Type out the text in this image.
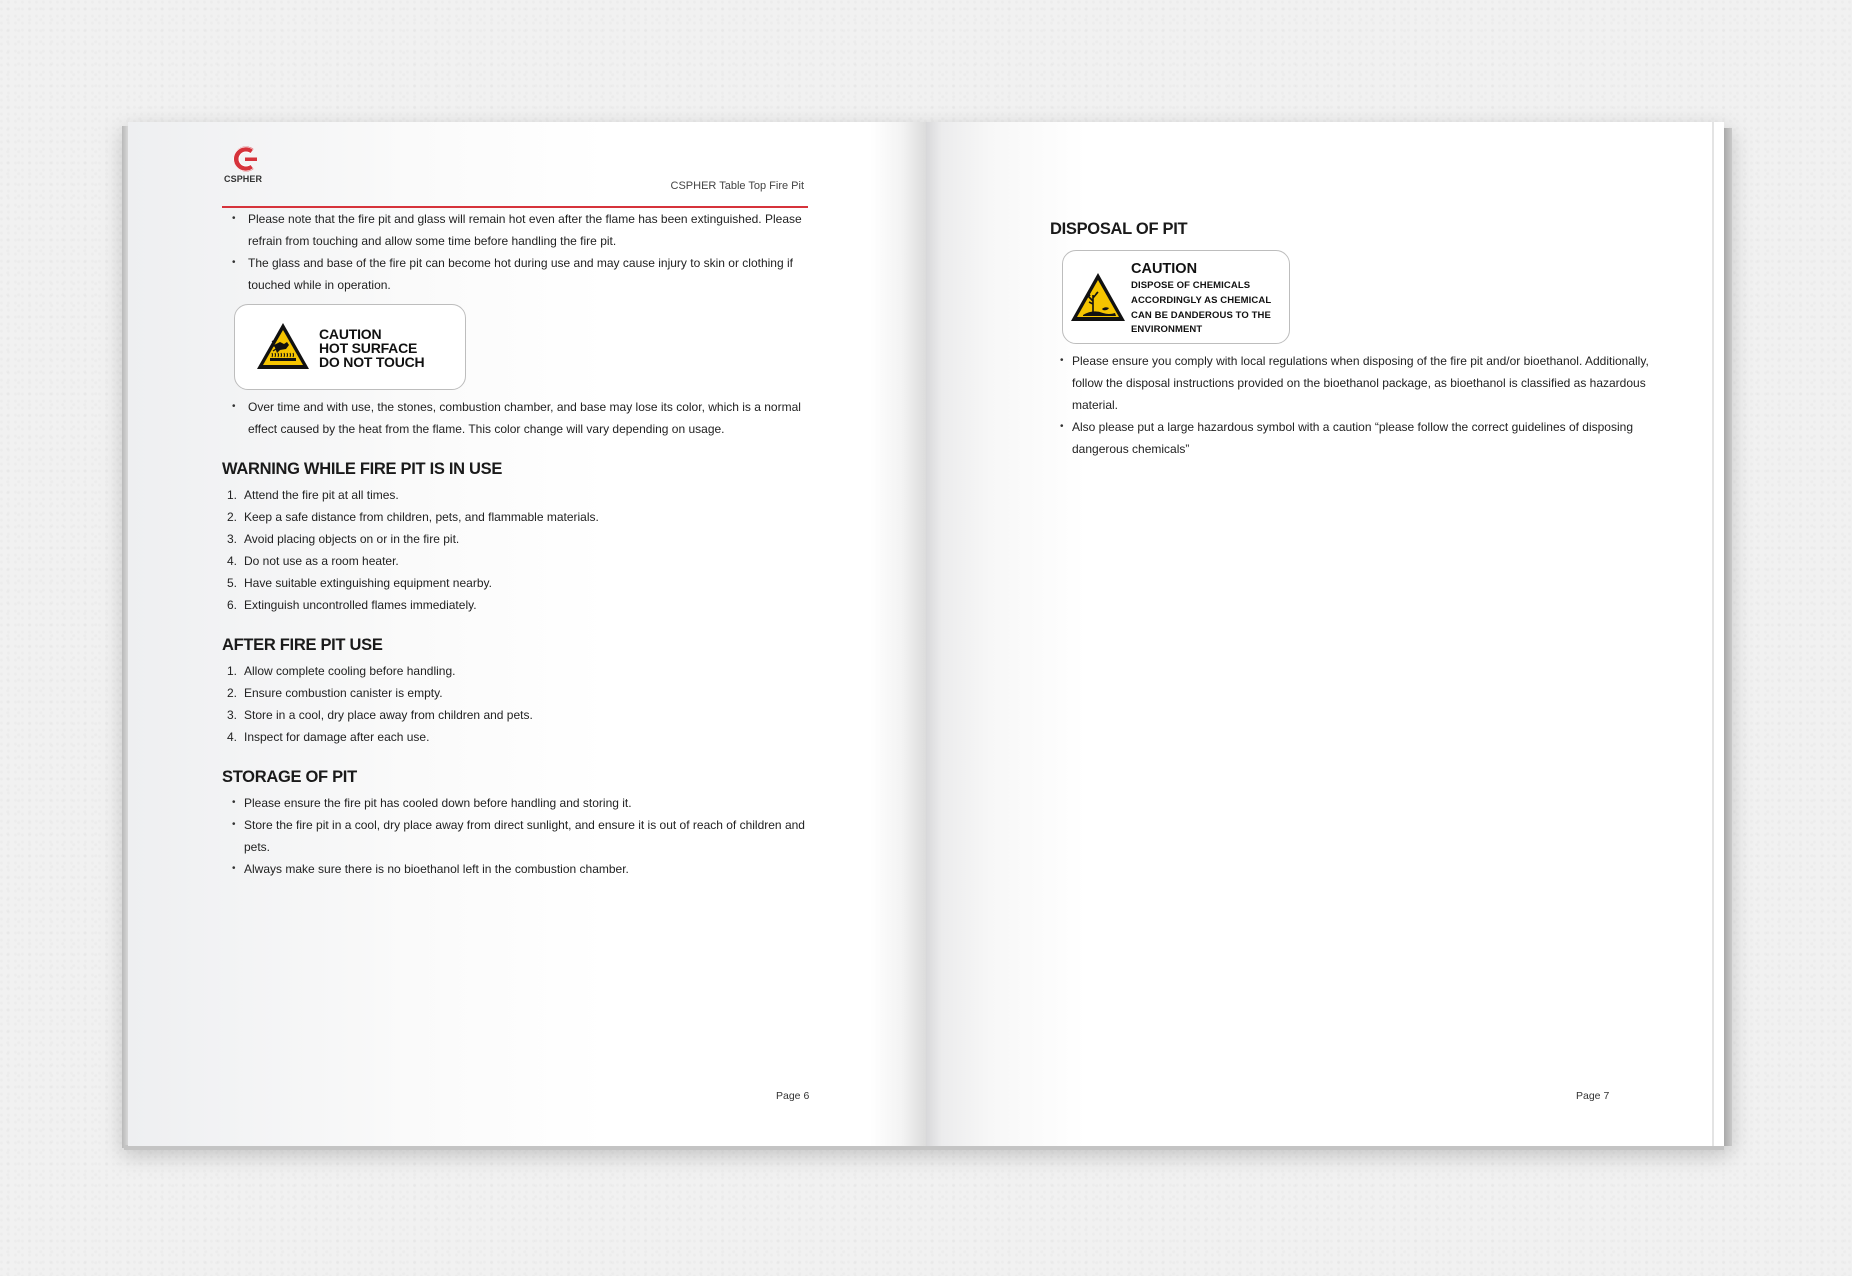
CSPHER
CSPHER Table Top Fire Pit
• Please note that the fire pit and glass will remain hot even after the flame has been extinguished. Please refrain from touching and allow some time before handling the fire pit.
• The glass and base of the fire pit can become hot during use and may cause injury to skin or clothing if touched while in operation.
CAUTION
HOT SURFACE
DO NOT TOUCH
• Over time and with use, the stones, combustion chamber, and base may lose its color, which is a normal effect caused by the heat from the flame. This color change will vary depending on usage.
WARNING WHILE FIRE PIT IS IN USE
1. Attend the fire pit at all times.
2. Keep a safe distance from children, pets, and flammable materials.
3. Avoid placing objects on or in the fire pit.
4. Do not use as a room heater.
5. Have suitable extinguishing equipment nearby.
6. Extinguish uncontrolled flames immediately.
AFTER FIRE PIT USE
1. Allow complete cooling before handling.
2. Ensure combustion canister is empty.
3. Store in a cool, dry place away from children and pets.
4. Inspect for damage after each use.
STORAGE OF PIT
• Please ensure the fire pit has cooled down before handling and storing it.
• Store the fire pit in a cool, dry place away from direct sunlight, and ensure it is out of reach of children and pets.
• Always make sure there is no bioethanol left in the combustion chamber.
Page 6
DISPOSAL OF PIT
CAUTION
DISPOSE OF CHEMICALS
ACCORDINGLY AS CHEMICAL
CAN BE DANDEROUS TO THE
ENVIRONMENT
• Please ensure you comply with local regulations when disposing of the fire pit and/or bioethanol. Additionally, follow the disposal instructions provided on the bioethanol package, as bioethanol is classified as hazardous material.
• Also please put a large hazardous symbol with a caution “please follow the correct guidelines of disposing dangerous chemicals”
Page 7
